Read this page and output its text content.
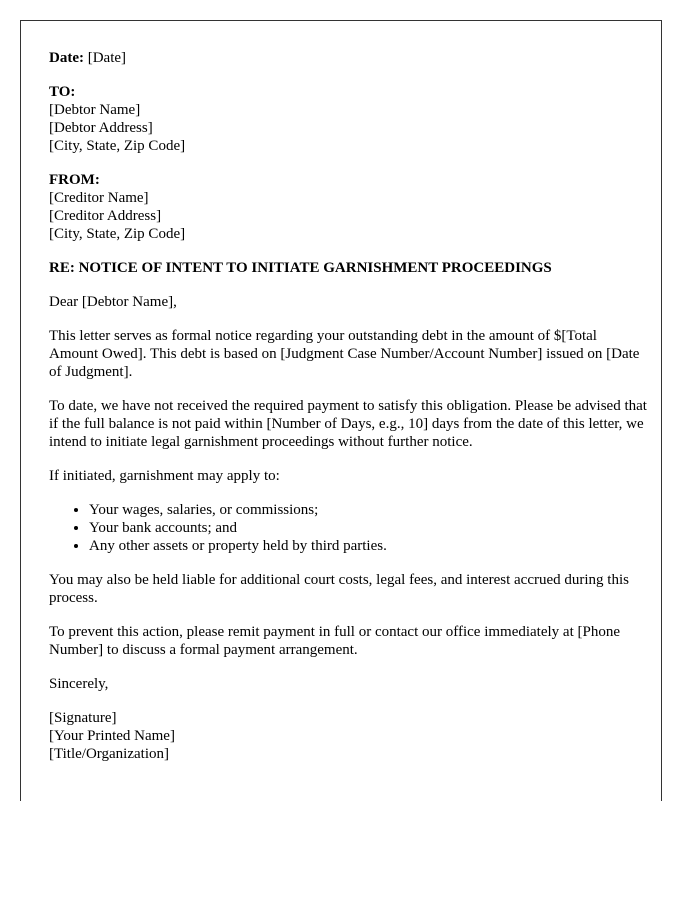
Date: [Date]

TO:
[Debtor Name]
[Debtor Address]
[City, State, Zip Code]

FROM:
[Creditor Name]
[Creditor Address]
[City, State, Zip Code]

RE: NOTICE OF INTENT TO INITIATE GARNISHMENT PROCEEDINGS

Dear [Debtor Name],

This letter serves as formal notice regarding your outstanding debt in the amount of $[Total Amount Owed]. This debt is based on [Judgment Case Number/Account Number] issued on [Date of Judgment].

To date, we have not received the required payment to satisfy this obligation. Please be advised that if the full balance is not paid within [Number of Days, e.g., 10] days from the date of this letter, we intend to initiate legal garnishment proceedings without further notice.

If initiated, garnishment may apply to:

• Your wages, salaries, or commissions;
• Your bank accounts; and
• Any other assets or property held by third parties.

You may also be held liable for additional court costs, legal fees, and interest accrued during this process.

To prevent this action, please remit payment in full or contact our office immediately at [Phone Number] to discuss a formal payment arrangement.

Sincerely,

[Signature]
[Your Printed Name]
[Title/Organization]
